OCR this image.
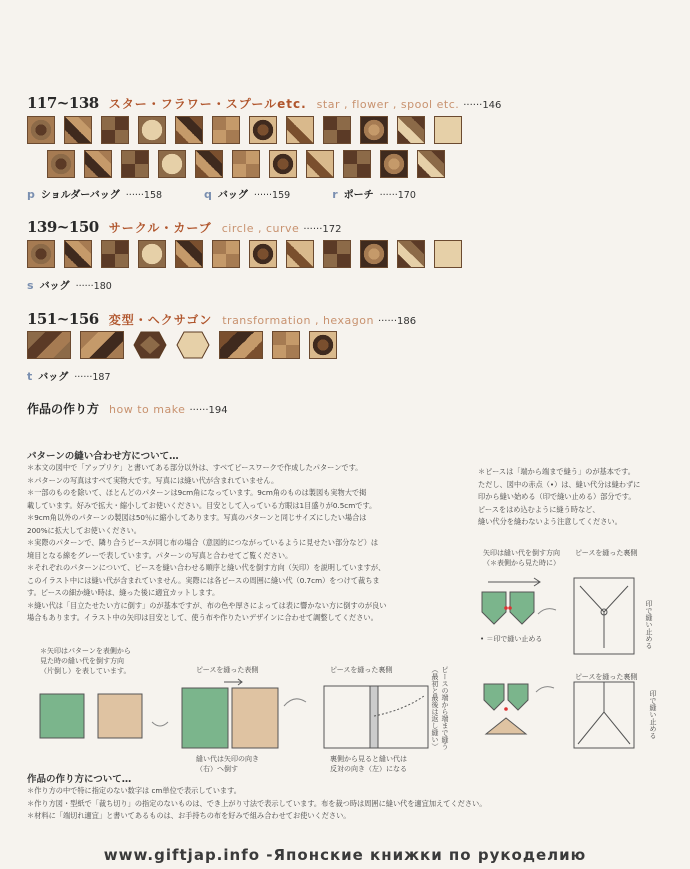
117~138 スター・フラワー・スプールetc. star , flower , spool etc. ······146
p ショルダーバッグ ······158	q バッグ ······159	r ポーチ ······170
139~150 サークル・カーブ circle , curve ······172
s バッグ ······180
151~156 変型・ヘクサゴン transformation , hexagon ······186
t バッグ ······187
作品の作り方 how to make ······194
パターンの縫い合わせ方について…
＊本文の図中で「アップリケ」と書いてある部分以外は、すべてピースワークで作成したパターンです。
＊パターンの写真はすべて実物大です。写真には縫い代が含まれていません。
＊一部のものを除いて、ほとんどのパターンは9cm角になっています。9cm角のものは製図も実物大で掲
載しています。好みで拡大・縮小してお使いください。目安として入っている方眼は1目盛りが0.5cmです。
＊9cm角以外のパターンの製図は50％に縮小してあります。写真のパターンと同じサイズにしたい場合は
200%に拡大してお使いください。
＊実際のパターンで、隣り合うピースが同じ布の場合（意図的につながっているように見せたい部分など）は
境目となる線をグレーで表しています。パターンの写真と合わせてご覧ください。
＊それぞれのパターンについて、ピースを縫い合わせる順序と縫い代を倒す方向（矢印）を説明していますが、
このイラスト中には縫い代が含まれていません。実際には各ピースの周囲に縫い代（0.7cm）をつけて裁ちま
す。ピースの細か縫い時は、縫った後に適宜カットします。
＊縫い代は「目立たせたい方に倒す」のが基本ですが、布の色や厚さによっては表に響かない方に倒すのが良い
場合もあります。イラスト中の矢印は目安として、使う布や作りたいデザインに合わせて調整してください。
＊ピースは「端から端まで縫う」のが基本です。
ただし、図中の赤点（•）は、縫い代分は縫わずに
印から縫い始める（印で縫い止める）部分です。
ピースをはめ込むように縫う時など、
縫い代分を縫わないよう注意してください。
矢印は縫い代を倒す方向
（＊表側から見た時に）
ピースを縫った裏側
• ＝印で縫い止める	印で縫い止める
ピースを縫った裏側
印で縫い止める
＊矢印はパターンを表側から
見た時の縫い代を倒す方向
（片倒し）を表しています。	ピースを縫った表側	ピースを縫った裏側
縫い代は矢印の向き
（右）へ倒す
裏側から見ると縫い代は
反対の向き（左）になる
ピースの端から端まで縫う
（最初と最後は返し縫い）
作品の作り方について…
＊作り方の中で特に指定のない数字は cm単位で表示しています。
＊作り方図・型紙で「裁ち切り」の指定のないものは、でき上がり寸法で表示しています。布を裁つ時は周囲に縫い代を適宜加えてください。
＊材料に「端切れ適宜」と書いてあるものは、お手持ちの布を好みで組み合わせてお使いください。
www.giftjap.info -Японские книжки по рукоделию
